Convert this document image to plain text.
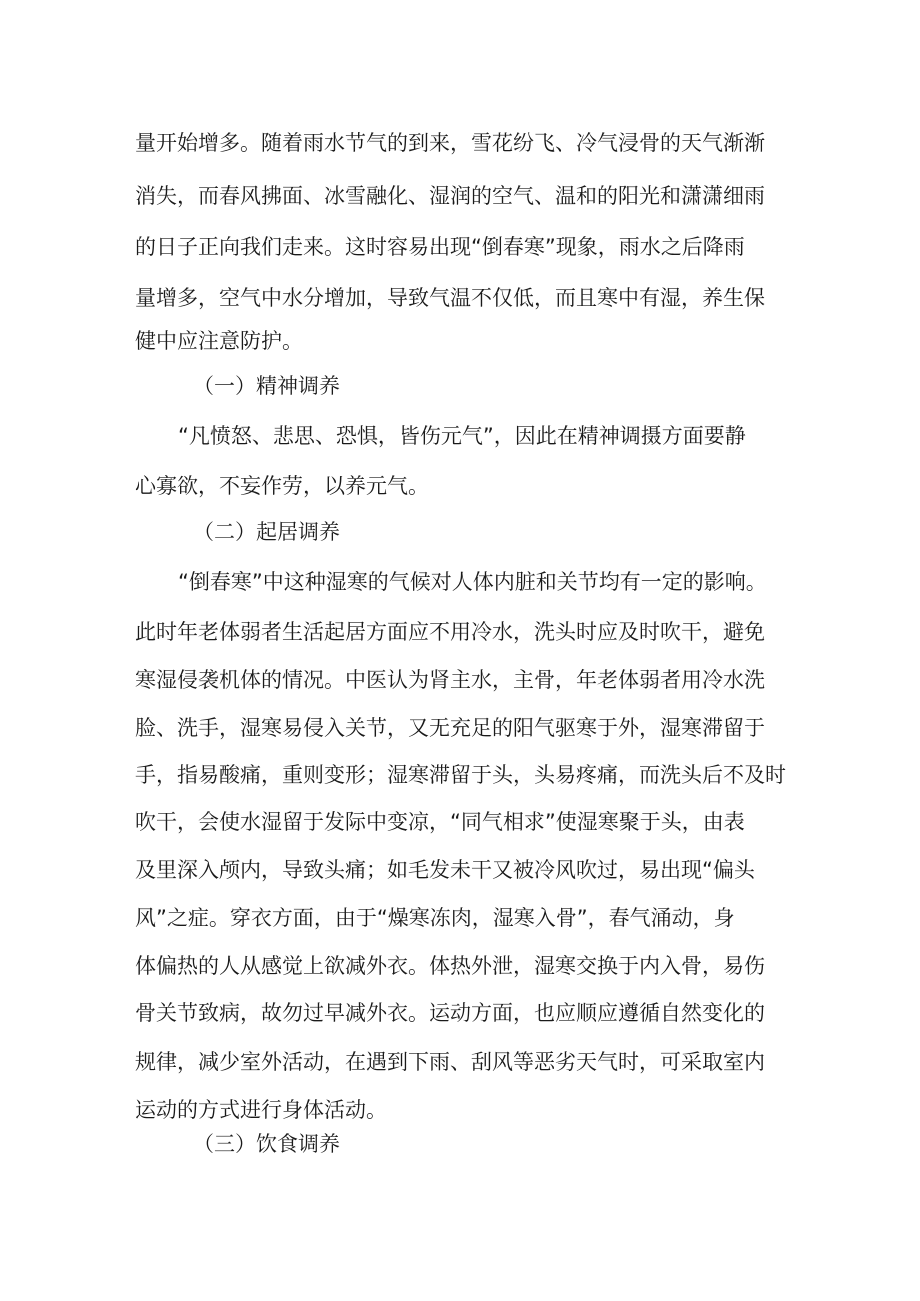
量开始增多。随着雨水节气的到来，雪花纷飞、冷气浸骨的天气渐渐

消失，而春风拂面、冰雪融化、湿润的空气、温和的阳光和潇潇细雨

的日子正向我们走来。这时容易出现“倒春寒”现象，雨水之后降雨

量增多，空气中水分增加，导致气温不仅低，而且寒中有湿，养生保

健中应注意防护。

（一）精神调养

“凡愤怒、悲思、恐惧，皆伤元气”，因此在精神调摄方面要静

心寡欲，不妄作劳，以养元气。

（二）起居调养

“倒春寒”中这种湿寒的气候对人体内脏和关节均有一定的影响。

此时年老体弱者生活起居方面应不用冷水，洗头时应及时吹干，避免

寒湿侵袭机体的情况。中医认为肾主水，主骨，年老体弱者用冷水洗

脸、洗手，湿寒易侵入关节，又无充足的阳气驱寒于外，湿寒滞留于

手，指易酸痛，重则变形；湿寒滞留于头，头易疼痛，而洗头后不及时

吹干，会使水湿留于发际中变凉，“同气相求”使湿寒聚于头，由表

及里深入颅内，导致头痛；如毛发未干又被冷风吹过，易出现“偏头

风”之症。穿衣方面，由于“燥寒冻肉，湿寒入骨”，春气涌动，身

体偏热的人从感觉上欲减外衣。体热外泄，湿寒交换于内入骨，易伤

骨关节致病，故勿过早减外衣。运动方面，也应顺应遵循自然变化的

规律，减少室外活动，在遇到下雨、刮风等恶劣天气时，可采取室内

运动的方式进行身体活动。

（三）饮食调养
